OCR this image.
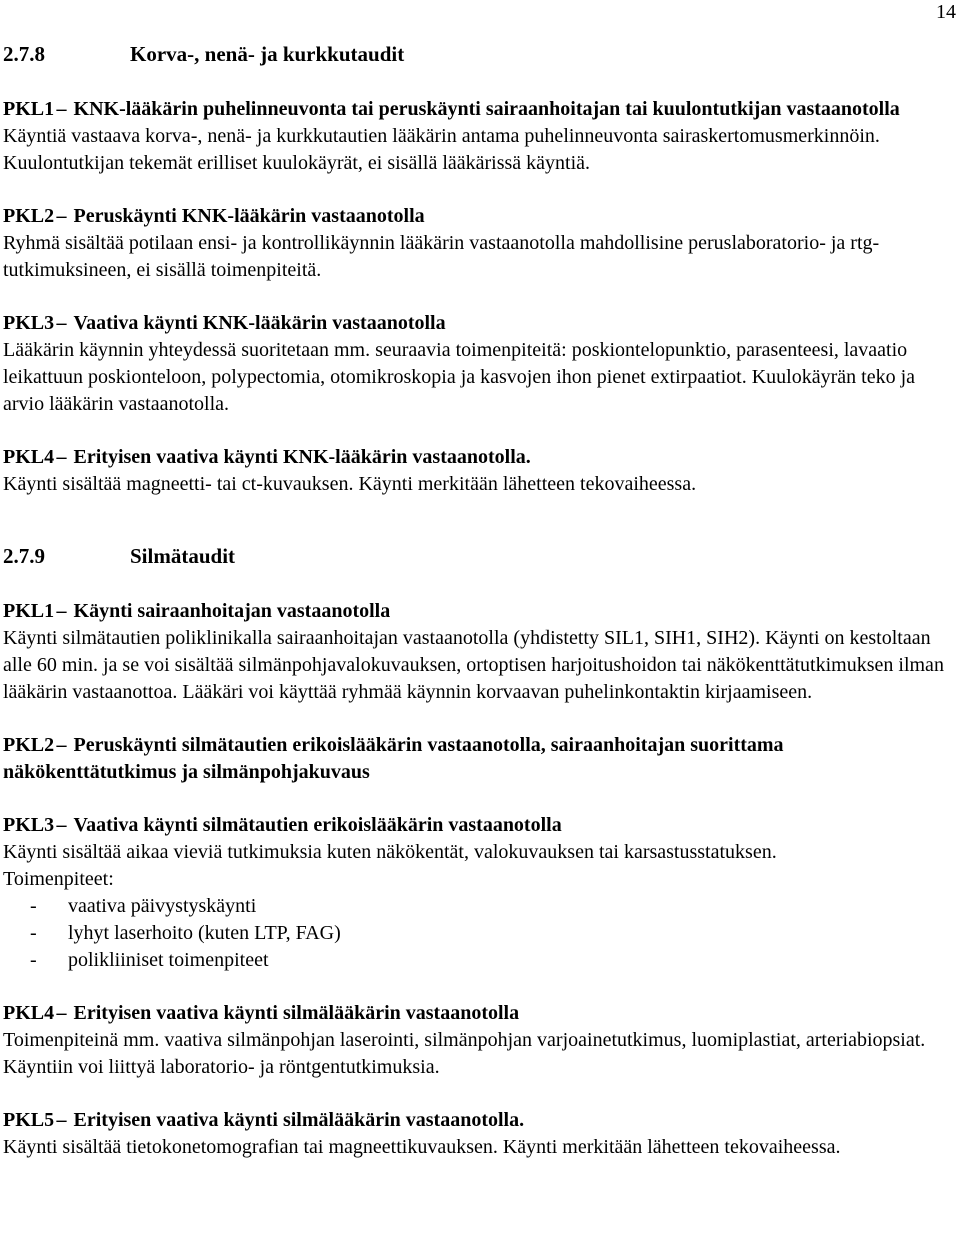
14
2.7.8	Korva-, nenä- ja kurkkutaudit

PKL1 – KNK-lääkärin puhelinneuvonta tai peruskäynti sairaanhoitajan tai kuulontutkijan vastaanotolla

Käyntiä vastaava korva-, nenä- ja kurkkutautien lääkärin antama puhelinneuvonta sairaskertomusmerkinnöin. Kuulontutkijan tekemät erilliset kuulokäyrät, ei sisällä lääkärissä käyntiä.

PKL2 – Peruskäynti KNK-lääkärin vastaanotolla

Ryhmä sisältää potilaan ensi- ja kontrollikäynnin lääkärin vastaanotolla mahdollisine peruslaboratorio- ja rtg-tutkimuksineen, ei sisällä toimenpiteitä.

PKL3 – Vaativa käynti KNK-lääkärin vastaanotolla

Lääkärin käynnin yhteydessä suoritetaan mm. seuraavia toimenpiteitä: poskiontelopunktio, parasenteesi, lavaatio leikattuun poskionteloon, polypectomia, otomikroskopia ja kasvojen ihon pienet extirpaatiot. Kuulokäyrän teko ja arvio lääkärin vastaanotolla.

PKL4 – Erityisen vaativa käynti KNK-lääkärin vastaanotolla.

Käynti sisältää magneetti- tai ct-kuvauksen. Käynti merkitään lähetteen tekovaiheessa.

2.7.9	Silmätaudit

PKL1 – Käynti sairaanhoitajan vastaanotolla

Käynti silmätautien poliklinikalla sairaanhoitajan vastaanotolla (yhdistetty SIL1, SIH1, SIH2). Käynti on kestoltaan alle 60 min. ja se voi sisältää silmänpohjavalokuvauksen, ortoptisen harjoitushoidon tai näkökenttätutkimuksen ilman lääkärin vastaanottoa. Lääkäri voi käyttää ryhmää käynnin korvaavan puhelinkontaktin kirjaamiseen.

PKL2 – Peruskäynti silmätautien erikoislääkärin vastaanotolla, sairaanhoitajan suorittama näkökenttätutkimus ja silmänpohjakuvaus

PKL3 – Vaativa käynti silmätautien erikoislääkärin vastaanotolla

Käynti sisältää aikaa vieviä tutkimuksia kuten näkökentät, valokuvauksen tai karsastusstatuksen.

Toimenpiteet:

-	vaativa päivystyskäynti
-	lyhyt laserhoito (kuten LTP, FAG)
-	polikliiniset toimenpiteet

PKL4 – Erityisen vaativa käynti silmälääkärin vastaanotolla

Toimenpiteinä mm. vaativa silmänpohjan laserointi, silmänpohjan varjoainetutkimus, luomiplastiat, arteriabiopsiat. Käyntiin voi liittyä laboratorio- ja röntgentutkimuksia.

PKL5 – Erityisen vaativa käynti silmälääkärin vastaanotolla.

Käynti sisältää tietokonetomografian tai magneettikuvauksen. Käynti merkitään lähetteen tekovaiheessa.
